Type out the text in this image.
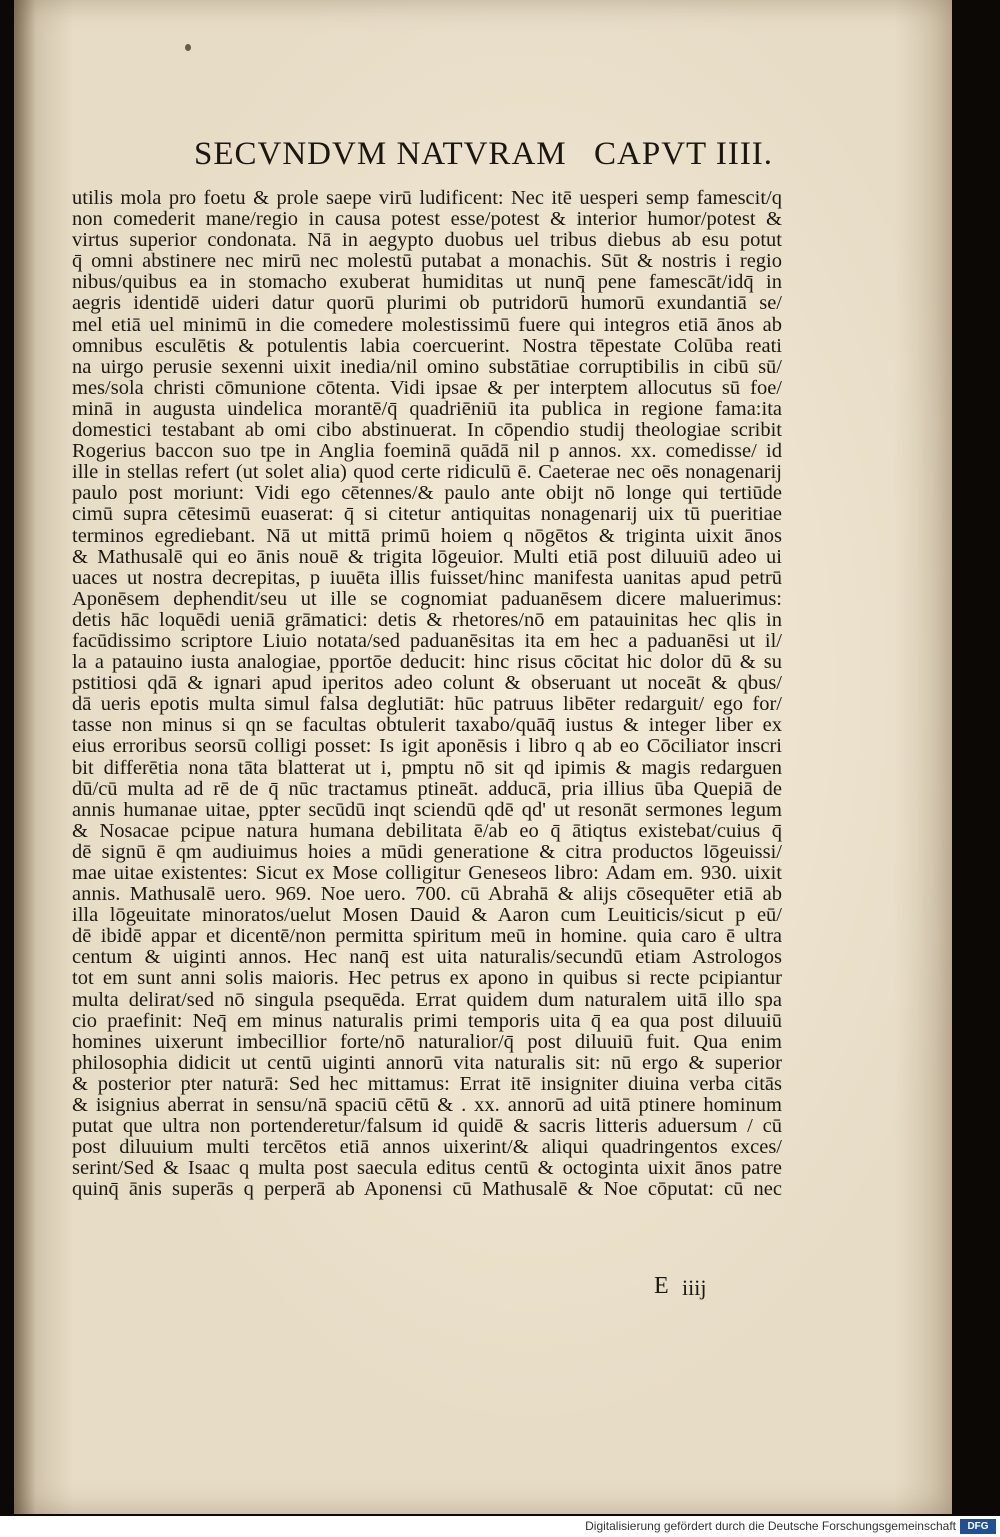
SECVNDVM NATVRAM CAPVT IIII.
utilis mola pro foetu & prole saepe virū ludificent: Nec itē uesperi semp famescit/q
non comederit mane/regio in causa potest esse/potest & interior humor/potest &
virtus superior condonata. Nā in aegypto duobus uel tribus diebus ab esu potut
q̄ omni abstinere nec mirū nec molestū putabat a monachis. Sūt & nostris i regio
nibus/quibus ea in stomacho exuberat humiditas ut nunq̄ pene famescāt/idq̄ in
aegris identidē uideri datur quorū plurimi ob putridorū humorū exundantiā se/
mel etiā uel minimū in die comedere molestissimū fuere qui integros etiā ānos ab
omnibus esculētis & potulentis labia coercuerint. Nostra tēpestate Colūba reati
na uirgo perusie sexenni uixit inedia/nil omino substātiae corruptibilis in cibū sū/
mes/sola christi cōmunione cōtenta. Vidi ipsae & per interptem allocutus sū foe/
minā in augusta uindelica morantē/q̄ quadriēniū ita publica in regione fama:ita
domestici testabant ab omi cibo abstinuerat. In cōpendio studij theologiae scribit
Rogerius baccon suo tpe in Anglia foeminā quādā nil p annos. xx. comedisse/ id
ille in stellas refert (ut solet alia) quod certe ridiculū ē. Caeterae nec oēs nonagenarij
paulo post moriunt: Vidi ego cētennes/& paulo ante obijt nō longe qui tertiūde
cimū supra cētesimū euaserat: q̄ si citetur antiquitas nonagenarij uix tū pueritiae
terminos egrediebant. Nā ut mittā primū hoiem q nōgētos & triginta uixit ānos
& Mathusalē qui eo ānis nouē & trigita lōgeuior. Multi etiā post diluuiū adeo ui
uaces ut nostra decrepitas, p iuuēta illis fuisset/hinc manifesta uanitas apud petrū
Aponēsem dephendit/seu ut ille se cognomiat paduanēsem dicere maluerimus:
detis hāc loquēdi ueniā grāmatici: detis & rhetores/nō em patauinitas hec qlis in
facūdissimo scriptore Liuio notata/sed paduanēsitas ita em hec a paduanēsi ut il/
la a patauino iusta analogiae, pportōe deducit: hinc risus cōcitat hic dolor dū & su
pstitiosi qdā & ignari apud iperitos adeo colunt & obseruant ut noceāt & qbus/
dā ueris epotis multa simul falsa deglutiāt: hūc patruus libēter redarguit/ ego for/
tasse non minus si qn se facultas obtulerit taxabo/quāq̄ iustus & integer liber ex
eius erroribus seorsū colligi posset: Is igit aponēsis i libro q ab eo Cōciliator inscri
bit differētia nona tāta blatterat ut i, pmptu nō sit qd ipimis & magis redarguen
dū/cū multa ad rē de q̄ nūc tractamus ptineāt. adducā, pria illius ūba Quepiā de
annis humanae uitae, ppter secūdū inqt sciendū qdē qd' ut resonāt sermones legum
& Nosacae pcipue natura humana debilitata ē/ab eo q̄ ātiqtus existebat/cuius q̄
dē signū ē qm audiuimus hoies a mūdi generatione & citra productos lōgeuissi/
mae uitae existentes: Sicut ex Mose colligitur Geneseos libro: Adam em. 930. uixit
annis. Mathusalē uero. 969. Noe uero. 700. cū Abrahā & alijs cōsequēter etiā ab
illa lōgeuitate minoratos/uelut Mosen Dauid & Aaron cum Leuiticis/sicut p eū/
dē ibidē appar et dicentē/non permitta spiritum meū in homine. quia caro ē ultra
centum & uiginti annos. Hec nanq̄ est uita naturalis/secundū etiam Astrologos
tot em sunt anni solis maioris. Hec petrus ex apono in quibus si recte pcipiantur
multa delirat/sed nō singula psequēda. Errat quidem dum naturalem uitā illo spa
cio praefinit: Neq̄ em minus naturalis primi temporis uita q̄ ea qua post diluuiū
homines uixerunt imbecillior forte/nō naturalior/q̄ post diluuiū fuit. Qua enim
philosophia didicit ut centū uiginti annorū vita naturalis sit: nū ergo & superior
& posterior pter naturā: Sed hec mittamus: Errat itē insigniter diuina verba citās
& isignius aberrat in sensu/nā spaciū cētū & . xx. annorū ad uitā ptinere hominum
putat que ultra non portenderetur/falsum id quidē & sacris litteris aduersum / cū
post diluuium multi tercētos etiā annos uixerint/& aliqui quadringentos exces/
serint/Sed & Isaac q multa post saecula editus centū & octoginta uixit ānos patre
quinq̄ ānis superās q perperā ab Aponensi cū Mathusalē & Noe cōputat: cū nec
E iiij
Digitalisierung gefördert durch die Deutsche Forschungsgemeinschaft	DFG
